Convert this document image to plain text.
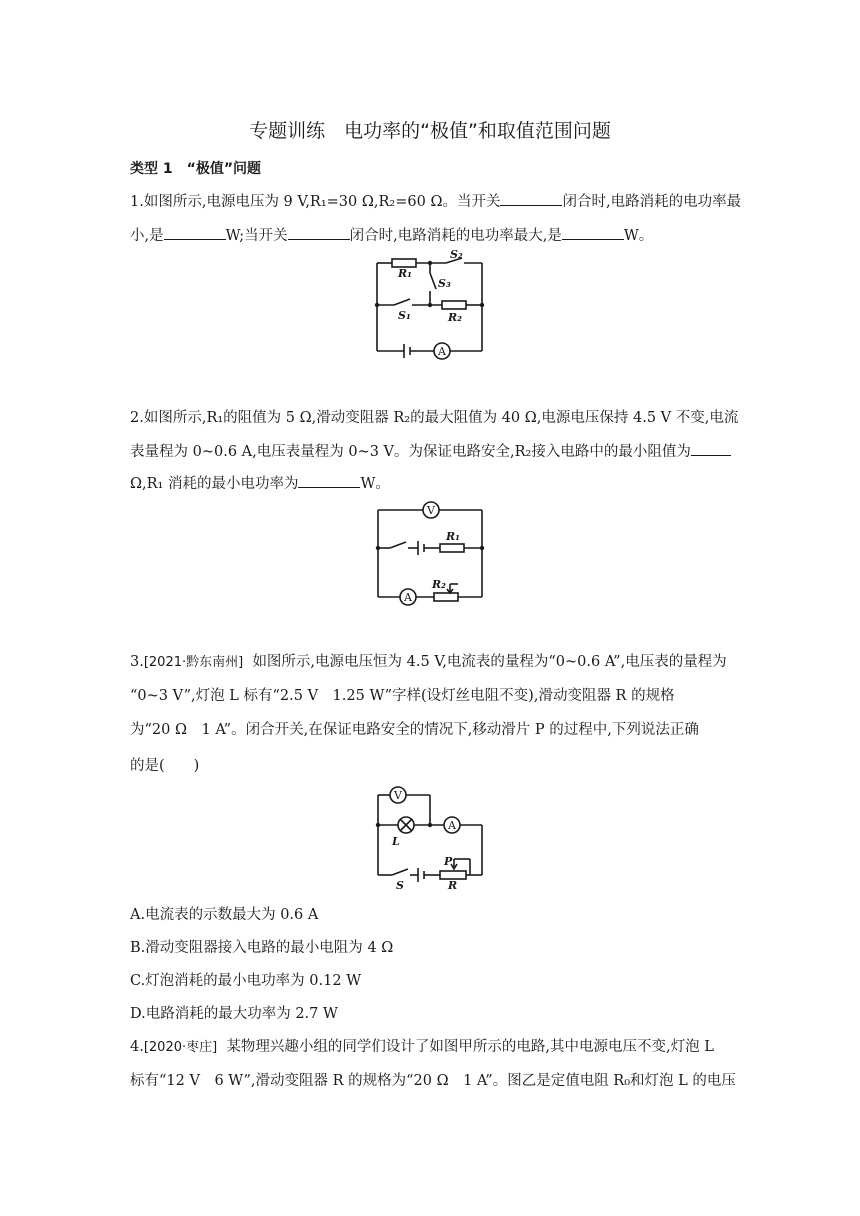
专题训练　电功率的“极值”和取值范围问题
类型 1　“极值”问题
1.如图所示,电源电压为 9 V,R₁=30 Ω,R₂=60 Ω。当开关	闭合时,电路消耗的电功率最
小,是	W;当开关	闭合时,电路消耗的电功率最大,是	W。
R₁
S₂
S₃
S₁	R₂
A
2.如图所示,R₁的阻值为 5 Ω,滑动变阻器 R₂的最大阻值为 40 Ω,电源电压保持 4.5 V 不变,电流
表量程为 0~0.6 A,电压表量程为 0~3 V。为保证电路安全,R₂接入电路中的最小阻值为
Ω,R₁ 消耗的最小电功率为	W。
V
R₁
R₂
A
3.[2021·黔东南州] 如图所示,电源电压恒为 4.5 V,电流表的量程为“0~0.6 A”,电压表的量程为
“0~3 V”,灯泡 L 标有“2.5 V　1.25 W”字样(设灯丝电阻不变),滑动变阻器 R 的规格
为“20 Ω　1 A”。闭合开关,在保证电路安全的情况下,移动滑片 P 的过程中,下列说法正确
的是(　　)
V
A
L
S
P
R
A.电流表的示数最大为 0.6 A
B.滑动变阻器接入电路的最小电阻为 4 Ω
C.灯泡消耗的最小电功率为 0.12 W
D.电路消耗的最大功率为 2.7 W
4.[2020·枣庄] 某物理兴趣小组的同学们设计了如图甲所示的电路,其中电源电压不变,灯泡 L
标有“12 V　6 W”,滑动变阻器 R 的规格为“20 Ω　1 A”。图乙是定值电阻 R₀和灯泡 L 的电压
